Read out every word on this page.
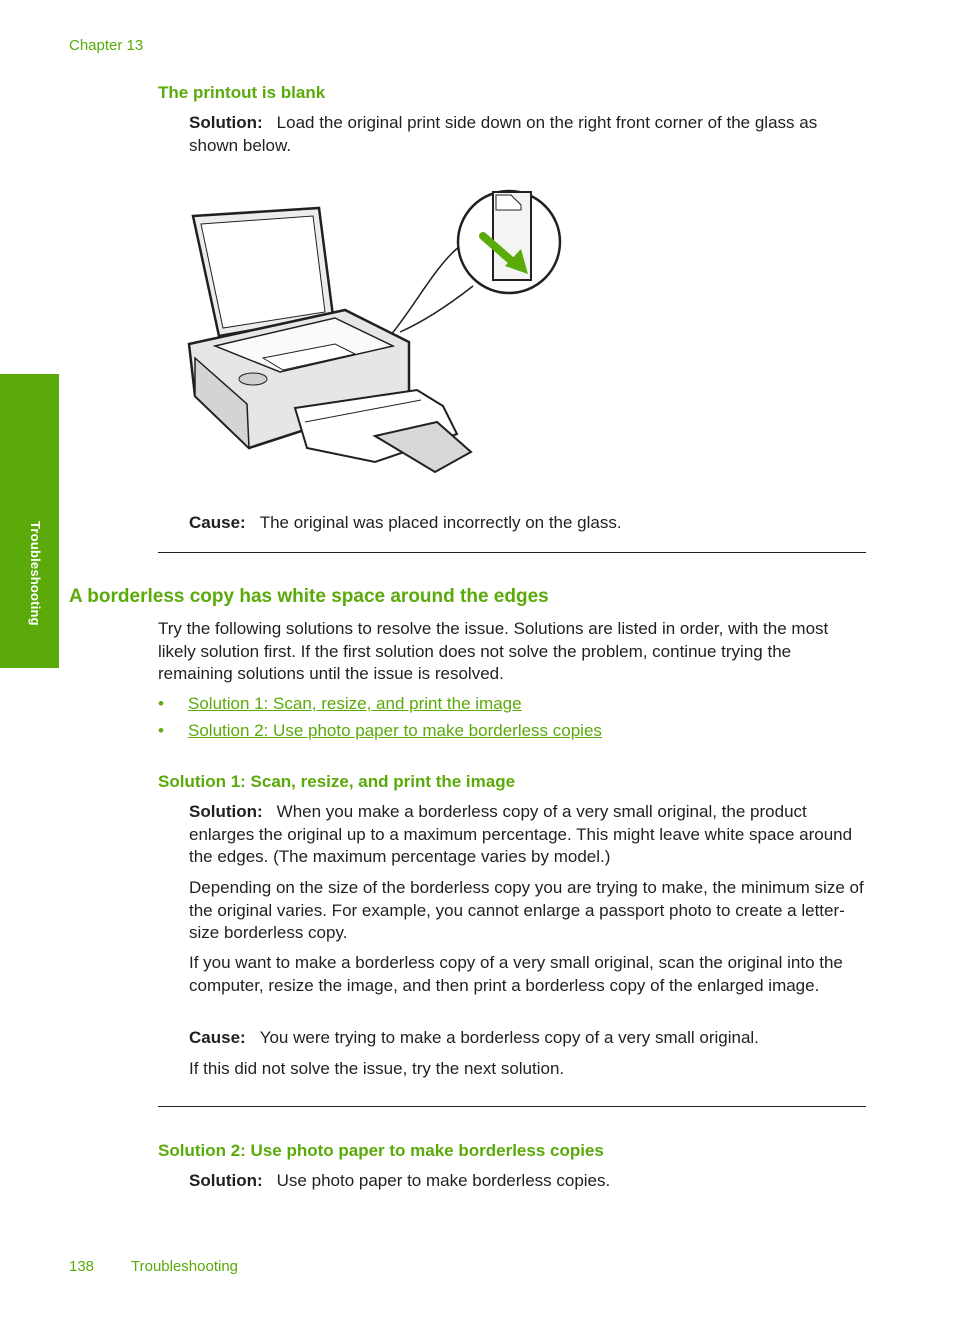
Chapter 13
Troubleshooting
The printout is blank
Solution: Load the original print side down on the right front corner of the glass as shown below.
Cause: The original was placed incorrectly on the glass.
A borderless copy has white space around the edges
Try the following solutions to resolve the issue. Solutions are listed in order, with the most likely solution first. If the first solution does not solve the problem, continue trying the remaining solutions until the issue is resolved.
• Solution 1: Scan, resize, and print the image
• Solution 2: Use photo paper to make borderless copies
Solution 1: Scan, resize, and print the image
Solution: When you make a borderless copy of a very small original, the product enlarges the original up to a maximum percentage. This might leave white space around the edges. (The maximum percentage varies by model.)
Depending on the size of the borderless copy you are trying to make, the minimum size of the original varies. For example, you cannot enlarge a passport photo to create a letter-size borderless copy.
If you want to make a borderless copy of a very small original, scan the original into the computer, resize the image, and then print a borderless copy of the enlarged image.
Cause: You were trying to make a borderless copy of a very small original.
If this did not solve the issue, try the next solution.
Solution 2: Use photo paper to make borderless copies
Solution: Use photo paper to make borderless copies.
138 Troubleshooting
